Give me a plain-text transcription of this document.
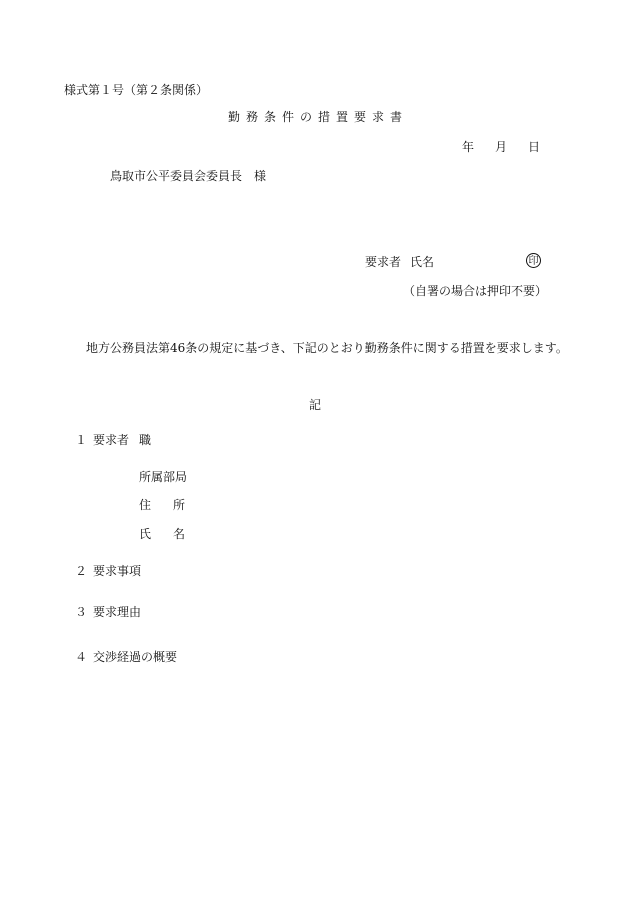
様式第１号（第２条関係）
勤務条件の措置要求書
年 月 日
鳥取市公平委員会委員長　様
要求者 氏名	印
（自署の場合は押印不要）
地方公務員法第46条の規定に基づき、下記のとおり勤務条件に関する措置を要求します。
記
１ 要求者 職
所属部局
住 所
氏 名
２ 要求事項
３ 要求理由
４ 交渉経過の概要
